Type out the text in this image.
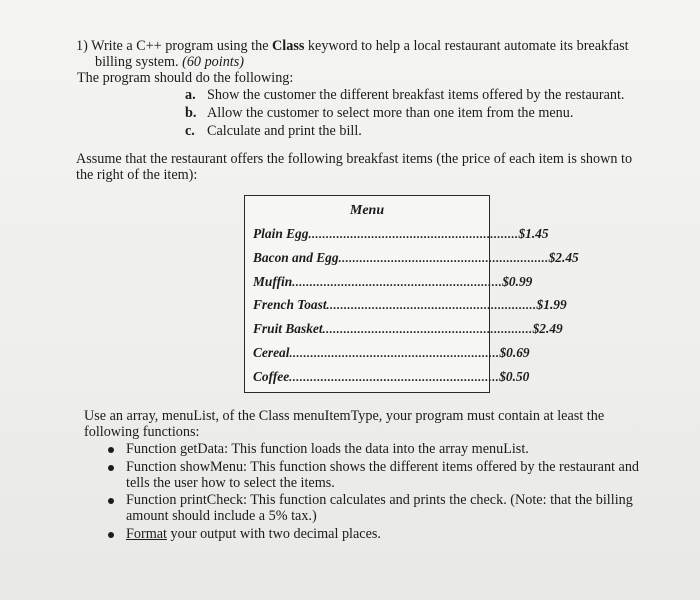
1) Write a C++ program using the Class keyword to help a local restaurant automate its breakfast
billing system. (60 points)
The program should do the following:
a. Show the customer the different breakfast items offered by the restaurant.
b. Allow the customer to select more than one item from the menu.
c. Calculate and print the bill.
Assume that the restaurant offers the following breakfast items (the price of each item is shown to
the right of the item):
Menu
Plain Egg ............................................................ $1.45
Bacon and Egg ............................................................ $2.45
Muffin ............................................................ $0.99
French Toast ............................................................ $1.99
Fruit Basket ............................................................ $2.49
Cereal ............................................................ $0.69
Coffee ............................................................ $0.50
Use an array, menuList, of the Class menuItemType, your program must contain at least the
following functions:
Function getData: This function loads the data into the array menuList.
Function showMenu: This function shows the different items offered by the restaurant and
tells the user how to select the items.
Function printCheck: This function calculates and prints the check. (Note: that the billing
amount should include a 5% tax.)
Format your output with two decimal places.
